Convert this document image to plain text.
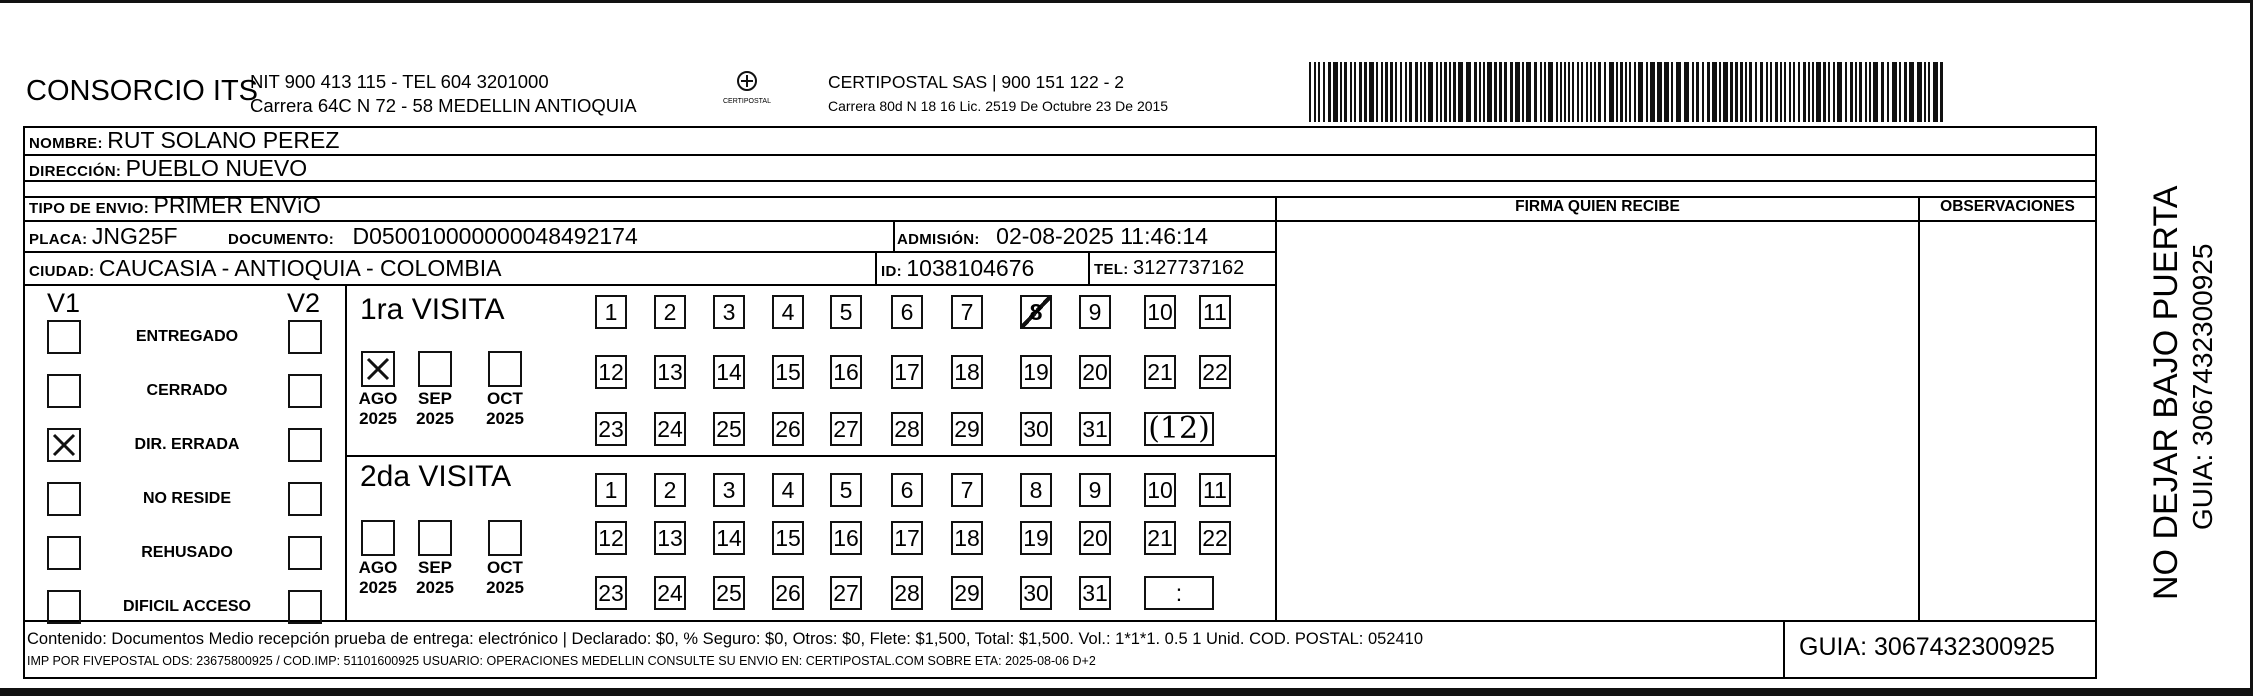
CONSORCIO ITS
NIT 900 413 115 - TEL 604 3201000
Carrera 64C N 72 - 58 MEDELLIN ANTIOQUIA	CERTIPOSTAL
CERTIPOSTAL SAS | 900 151 122 - 2
Carrera 80d N 18 16 Lic. 2519 De Octubre 23 De 2015
NOMBRE: RUT SOLANO PEREZ
DIRECCIÓN: PUEBLO NUEVO
TIPO DE ENVIO: PRIMER ENVíO
PLACA: JNG25F	DOCUMENTO: D050010000000048492174	ADMISIÓN: 02-08-2025 11:46:14
CIUDAD: CAUCASIA - ANTIOQUIA - COLOMBIA	ID: 1038104676	TEL: 3127737162
FIRMA QUIEN RECIBE	OBSERVACIONES
V1	V2
ENTREGADO
CERRADO
DIR. ERRADA
NO RESIDE
REHUSADO
DIFICIL ACCESO
1ra VISITA
2da VISITA
AGO
2025
SEP
2025
OCT
2025
AGO
2025
SEP
2025
OCT
2025
1	2	3	4	5	6	7	8	9	10 11
12 13 14 15 16 17 18 19 20 21 22
23 24 25 26 27 28 29 30 31 (12)
1	2	3	4	5	6	7	8	9	10 11
12 13 14 15 16 17 18 19 20 21 22
23 24 25 26 27 28 29 30 31	:
Contenido: Documentos Medio recepción prueba de entrega: electrónico | Declarado: $0, % Seguro: $0, Otros: $0, Flete: $1,500, Total: $1,500. Vol.: 1*1*1. 0.5 1 Unid. COD. POSTAL: 052410
IMP POR FIVEPOSTAL ODS: 23675800925 / COD.IMP: 51101600925 USUARIO: OPERACIONES MEDELLIN CONSULTE SU ENVIO EN: CERTIPOSTAL.COM SOBRE ETA: 2025-08-06 D+2	GUIA: 3067432300925
NO DEJAR BAJO PUERTA GUIA: 3067432300925
